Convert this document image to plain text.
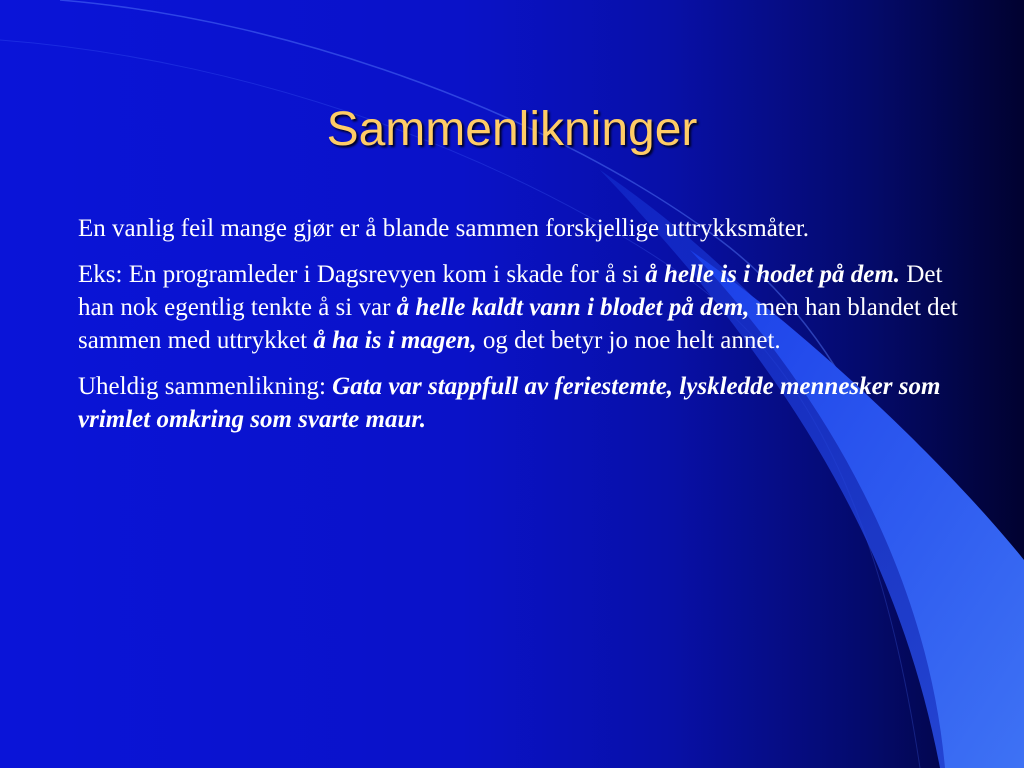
Sammenlikninger

En vanlig feil mange gjør er å blande sammen forskjellige uttrykksmåter.

Eks: En programleder i Dagsrevyen kom i skade for å si å helle is i hodet på dem. Det han nok egentlig tenkte å si var å helle kaldt vann i blodet på dem, men han blandet det sammen med uttrykket å ha is i magen, og det betyr jo noe helt annet.

Uheldig sammenlikning: Gata var stappfull av feriestemte, lyskledde mennesker som vrimlet omkring som svarte maur.
